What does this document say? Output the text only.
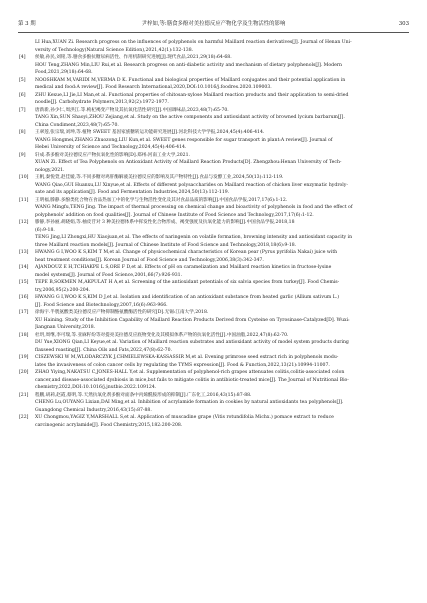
第 3 期	尹梓如,等:膳食多酚对美拉德反应产物化学及生物活性的影响	303
LI Hua,XUAN Zi. Research progress on the influences of polyphenols on harmful Maillard reaction derivatives[J]. Journal of Henan Uni-
versity of Technology(Natural Science Edition),2021,42(1):132-138.
[4] 侯敏,孙民,刘铭,等.膳食多酚抗糖尿病活性、作用机制研究进展[J].现代食品,2021,29(18):64-68.
HOU Teng,ZHANG Min,LIU Rui,et al. Research progress on anti-diabetic activity and mechanism of dietary polyphenols[J]. Modern
Food,2021,29(18):64-68.
[5] NOOSHKAM M,VARIDI M,VERMA D K. Functional and biological properties of Maillard conjugates and their potential application in
medical and food:A review[J]. Food Research International,2020,DOI:10.1016/j.foodres.2020.109003.
[6] ZHU Kexue,LI Jie,LI Man,et al. Functional properties of chitosan-xylose Maillard reaction products and their application to semi-dried
noodle[J]. Carbohydrate Polymers,2013,92(2):1972-1977.
[7] 唐新新,孙少仁,周洪江.等.枸杞褐变产物及其抗氧化活性研究[J].中国调味品,2023,48(7):65-70.
TANG Xin,SUN Shaoyi,ZHOU Zejiang,et al. Study on the active components and antioxidant activity of browned lycium barbarum[J].
China Condiment,2023,48(7):65-70.
[8] 王翠莲,张宗瑞,刘坤,等.植物 SWEET 基因家族糖转运功能研究进展[J].河北科技大学学报,2024,45(4):406-414.
WANG Hongmei,ZHANG Zhuozong,LIU Kun,et al. SWEET genes responsible for sugar transport in plant:A review[J]. Journal of
Hebei University of Science and Technology,2024,45(4):406-414.
[9] 轩成.茶多酚对美拉德反应产物抗氧化性的影响[D].郑州:河南工业大学,2021.
XUAN Zi. Effect of Tea Polyphenols on Antioxidant Activity of Maillard Reaction Products[D]. Zhengzhou:Henan University of Tech-
nology,2021.
[10] 王帆,秦悦萱,赵佳媛,等.不同多糖对鸡肝酶解液美拉德反应的影响及其产物特性[J].食品与发酵工业,2024,50(13):112-119.
WANG Qiao,GUI Huanxu,LU Xinyue,et al. Effects of different polysaccharides on Maillard reaction of chicken liver enzymatic hydroly-
sate and its application[J]. Food and Fermentation Industries,2024,50(13):112-119.
[11] 王明福,滕静.多酚类化合物在食品热加工中的化学与生物活性变化及其对食品品质的影响[J].中国食品学报,2017,17(6):1-12.
WANG Mingfu,TENG Jing. The impact of thermal processing on chemical change and bioactivity of polyphenols in food and the effect of
polyphenols' addition on food qualities[J]. Journal of Chinese Institute of Food Science and Technology,2017,17(6):1-12.
[12] 滕静,李孙丽,胡晓娟,等.柚皮苷对 3 种美拉德体系中挥发性化合物形成、褐变强度及抗氧化能力的影响[J].中国食品学报,2018,18
(6):9-18.
TENG Jing,LI Zhongxi,HU Xiaojuan,et al. The effects of naringenin on volatile formation, browning intensity and antioxidant capacity in
three Maillard reaction models[J]. Journal of Chinese Institute of Food Science and Technology,2018,18(6):9-18.
[13] HWANG G I,WOO K S,KIM T M,et al. Change of physicochemical characteristics of Korean pear (Pyrus pyrifolia Nakai) juice with
heat treatment conditions[J]. Korean Journal of Food Science and Technology,2006,38(3):342-347.
[14] AJANDOUZ E H,TCHIAKPE L S,ORE F D,et al. Effects of pH on caramelization and Maillard reaction kinetics in fructose-lysine
model systems[J]. Journal of Food Science,2001,66(7):926-931.
[15] TEPE B,SOKMEN M,AKPULAT H A,et al. Screening of the antioxidant potentials of six salvia species from turkey[J]. Food Chemis-
try,2006,95(2):200-204.
[16] HWANG G I,WOO K S,KIM D J,et al. Isolation and identification of an antioxidant substance from heated garlic (Allium sativum L.)
[J]. Food Science and Biotechnology,2007,16(6):963-966.
[17] 徐海宇.半胱氨酸类美拉德反应产物抑制酪氨酸酶活性的研究[D].无锡:江南大学,2018.
XU Haining. Study of the Inhibition Capability of Maillard Reaction Products Derived from Cysteine on Tyrosinase-Catalyzed[D]. Wuxi:
Jiangnan University,2018.
[18] 杜玥,周继,李可瑞,等.亚麻籽纷等对提亮美拉德反应底物变化及其模拟体系产物的抗氧化活性[J].中国油脂,2022,47(8):62-70.
DU Yue,XIONG Qian,LI Keyue,et al. Variation of Maillard reaction substrates and antioxidant activity of model system products during
flaxseed roasting[J]. China Oils and Fats,2022,47(8):62-70.
[19] CISZEWSKI W M,WLODARCZYK J,CHMIELEWSKA-KASSASSIR M,et al. Evening primrose seed extract rich in polyphenols modu-
lates the invasiveness of colon cancer cells by regulating the TYMS expression[J]. Food & Function,2022,13(21):10994-11007.
[20] ZHAO Yiying,NAKATSU C,JONES-HALL Y,et al. Supplementation of polyphenol-rich grapes attenuates colitis,colitis-associated colon
cancer,and disease-associated dysbiosis in mice,but fails to mitigate colitis in antibiotic-treated mice[J]. The Journal of Nutritional Bio-
chemistry,2022,DOI:10.1016/j.jnutbio.2022.109124.
[21] 程鹏,胡莉,赵霞,蔡明,等.天然抗氧化剂多酚对面条中丙烯酰胺形成的抑制[J].广东化工,2016,43(15):87-88.
CHENG Lu,OUYANG Lixian,DAI Ming,et al. Inhibition of acrylamide formation in cookies by natural antioxidants tea polyphenols[J].
Guangdong Chemical Industry,2016,43(15):87-88.
[22] XU Chongmou,YAGIZ Y,MARSHALL S,et al. Application of muscadine grape (Vitis rotundifolia Michx.) pomace extract to reduce
carcinogenic acrylamide[J]. Food Chemistry,2015,182:200-208.
